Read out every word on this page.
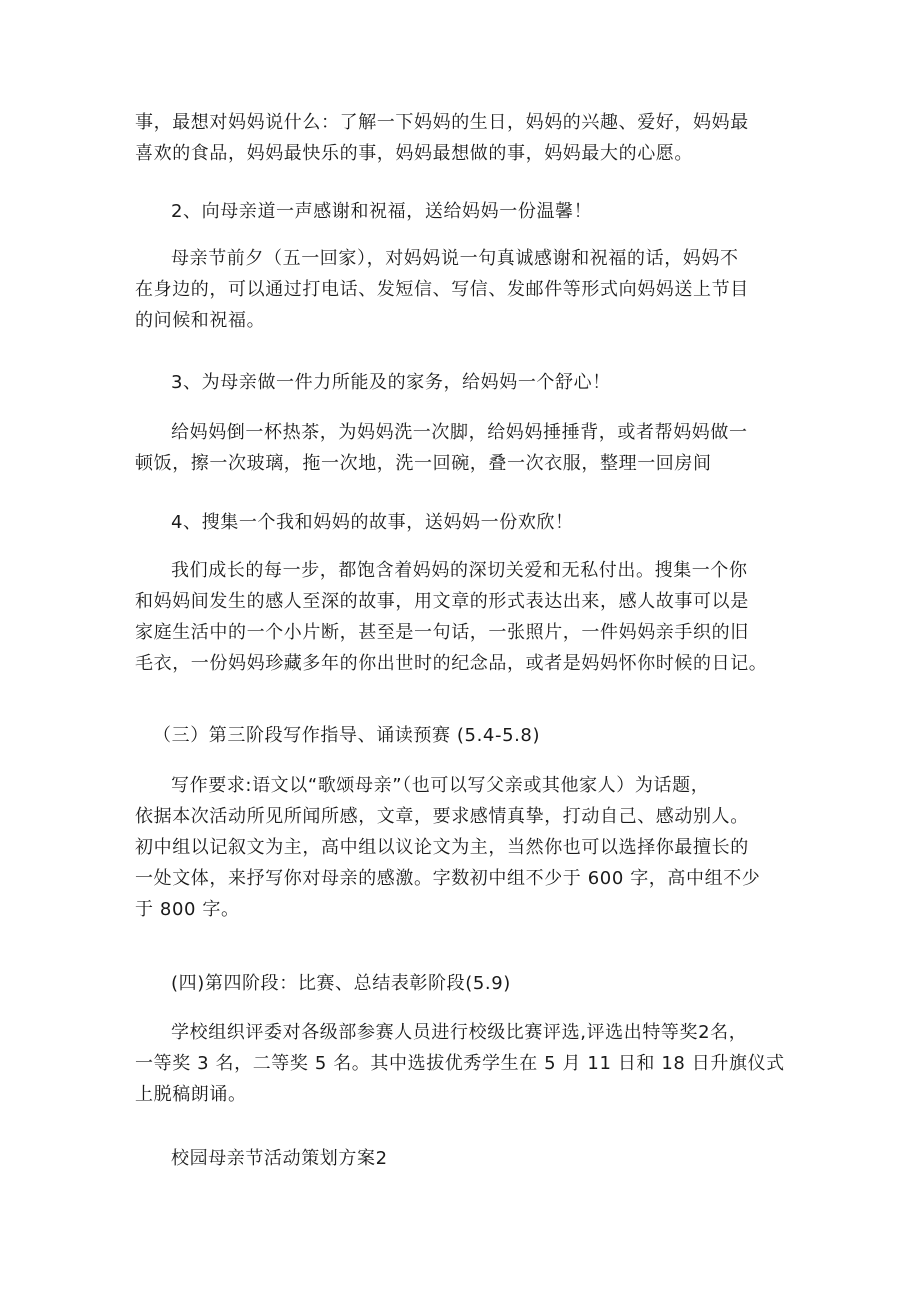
事，最想对妈妈说什么：了解一下妈妈的生日，妈妈的兴趣、爱好，妈妈最
喜欢的食品，妈妈最快乐的事，妈妈最想做的事，妈妈最大的心愿。

2、向母亲道一声感谢和祝福，送给妈妈一份温馨！

母亲节前夕（五一回家），对妈妈说一句真诚感谢和祝福的话，妈妈不
在身边的，可以通过打电话、发短信、写信、发邮件等形式向妈妈送上节目
的问候和祝福。

3、为母亲做一件力所能及的家务，给妈妈一个舒心！

给妈妈倒一杯热茶，为妈妈洗一次脚，给妈妈捶捶背，或者帮妈妈做一
顿饭，擦一次玻璃，拖一次地，洗一回碗，叠一次衣服，整理一回房间

4、搜集一个我和妈妈的故事，送妈妈一份欢欣！

我们成长的每一步，都饱含着妈妈的深切关爱和无私付出。搜集一个你
和妈妈间发生的感人至深的故事，用文章的形式表达出来，感人故事可以是
家庭生活中的一个小片断，甚至是一句话，一张照片，一件妈妈亲手织的旧
毛衣，一份妈妈珍藏多年的你出世时的纪念品，或者是妈妈怀你时候的日记。

（三）第三阶段写作指导、诵读预赛 (5.4-5.8)

写作要求:语文以“歌颂母亲”（也可以写父亲或其他家人）为话题，
依据本次活动所见所闻所感，文章，要求感情真挚，打动自己、感动别人。
初中组以记叙文为主，高中组以议论文为主，当然你也可以选择你最擅长的
一处文体，来抒写你对母亲的感激。字数初中组不少于 600 字，高中组不少
于 800 字。

(四)第四阶段：比赛、总结表彰阶段(5.9)

学校组织评委对各级部参赛人员进行校级比赛评选,评选出特等奖2名，
一等奖 3 名，二等奖 5 名。其中选拔优秀学生在 5 月 11 日和 18 日升旗仪式
上脱稿朗诵。

校园母亲节活动策划方案2
